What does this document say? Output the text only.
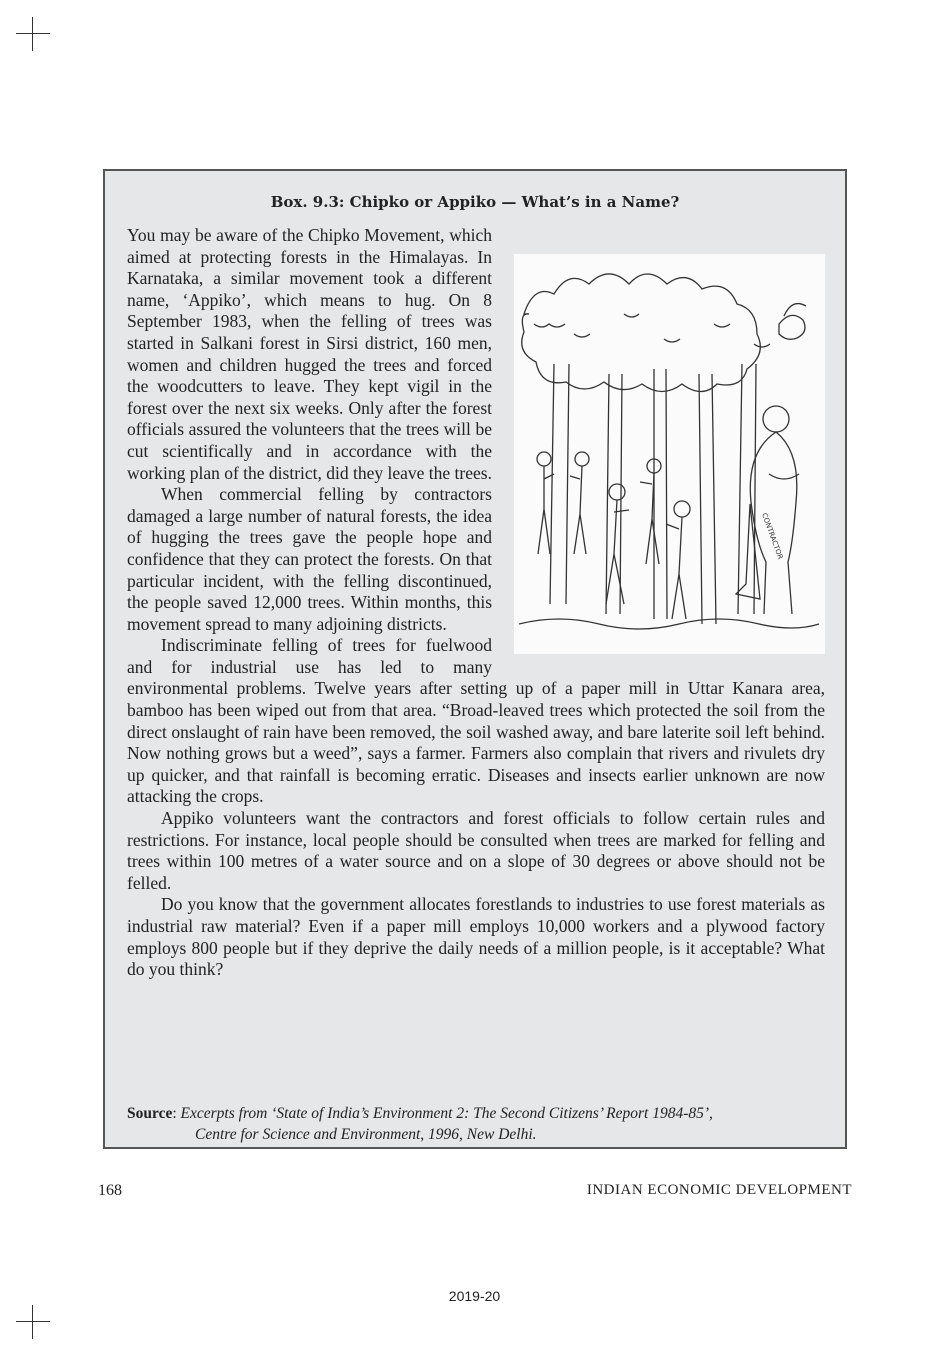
Box. 9.3: Chipko or Appiko — What’s in a Name?

CONTRACTOR
You may be aware of the Chipko Movement, which aimed at protecting forests in the Himalayas. In Karnataka, a similar movement took a different name, ‘Appiko’, which means to hug. On 8 September 1983, when the felling of trees was started in Salkani forest in Sirsi district, 160 men, women and children hugged the trees and forced the woodcutters to leave. They kept vigil in the forest over the next six weeks. Only after the forest officials assured the volunteers that the trees will be cut scientifically and in accordance with the working plan of the district, did they leave the trees.

When commercial felling by contractors damaged a large number of natural forests, the idea of hugging the trees gave the people hope and confidence that they can protect the forests. On that particular incident, with the felling discontinued, the people saved 12,000 trees. Within months, this movement spread to many adjoining districts.

Indiscriminate felling of trees for fuelwood and for industrial use has led to many environmental problems. Twelve years after setting up of a paper mill in Uttar Kanara area, bamboo has been wiped out from that area. “Broad-leaved trees which protected the soil from the direct onslaught of rain have been removed, the soil washed away, and bare laterite soil left behind. Now nothing grows but a weed”, says a farmer. Farmers also complain that rivers and rivulets dry up quicker, and that rainfall is becoming erratic. Diseases and insects earlier unknown are now attacking the crops.

Appiko volunteers want the contractors and forest officials to follow certain rules and restrictions. For instance, local people should be consulted when trees are marked for felling and trees within 100 metres of a water source and on a slope of 30 degrees or above should not be felled.

Do you know that the government allocates forestlands to industries to use forest materials as industrial raw material? Even if a paper mill employs 10,000 workers and a plywood factory employs 800 people but if they deprive the daily needs of a million people, is it acceptable? What do you think?

Source: Excerpts from ‘State of India’s Environment 2: The Second Citizens’ Report 1984-85’,
Centre for Science and Environment, 1996, New Delhi.
168	INDIAN ECONOMIC DEVELOPMENT
2019-20
